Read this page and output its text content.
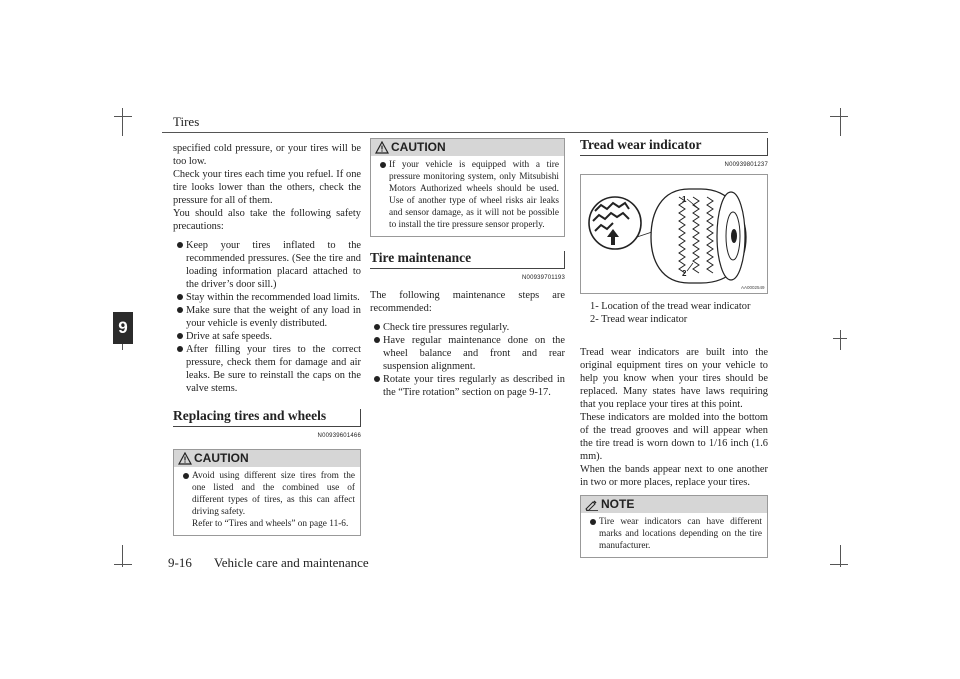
Tires
9

specified cold pressure, or your tires will be too low.

Check your tires each time you refuel. If one tire looks lower than the others, check the pressure for all of them.

You should also take the following safety precautions:

Keep your tires inflated to the recommended pressures. (See the tire and loading information placard attached to the driver’s door sill.)
Stay within the recommended load limits.
Make sure that the weight of any load in your vehicle is evenly distributed.
Drive at safe speeds.
After filling your tires to the correct pressure, check them for damage and air leaks. Be sure to reinstall the caps on the valve stems.
Replacing tires and wheels
N00939601466
CAUTION
Avoid using different size tires from the one listed and the combined use of different types of tires, as this can affect driving safety.
Refer to “Tires and wheels” on page 11-6.
CAUTION
If your vehicle is equipped with a tire pressure monitoring system, only Mitsubishi Motors Authorized wheels should be used. Use of another type of wheel risks air leaks and sensor damage, as it will not be possible to install the tire pressure sensor properly.
Tire maintenance
N00939701193

The following maintenance steps are recommended:

Check tire pressures regularly.
Have regular maintenance done on the wheel balance and front and rear suspension alignment.
Rotate your tires regularly as described in the “Tire rotation” section on page 9-17.
Tread wear indicator
N00939801237
1
2
AA0002549
1- Location of the tread wear indicator
2- Tread wear indicator

Tread wear indicators are built into the original equipment tires on your vehicle to help you know when your tires should be replaced. Many states have laws requiring that you replace your tires at this point.

These indicators are molded into the bottom of the tread grooves and will appear when the tire tread is worn down to 1/16 inch (1.6 mm).

When the bands appear next to one another in two or more places, replace your tires.

NOTE
Tire wear indicators can have different marks and locations depending on the tire manufacturer.
9-16 Vehicle care and maintenance
